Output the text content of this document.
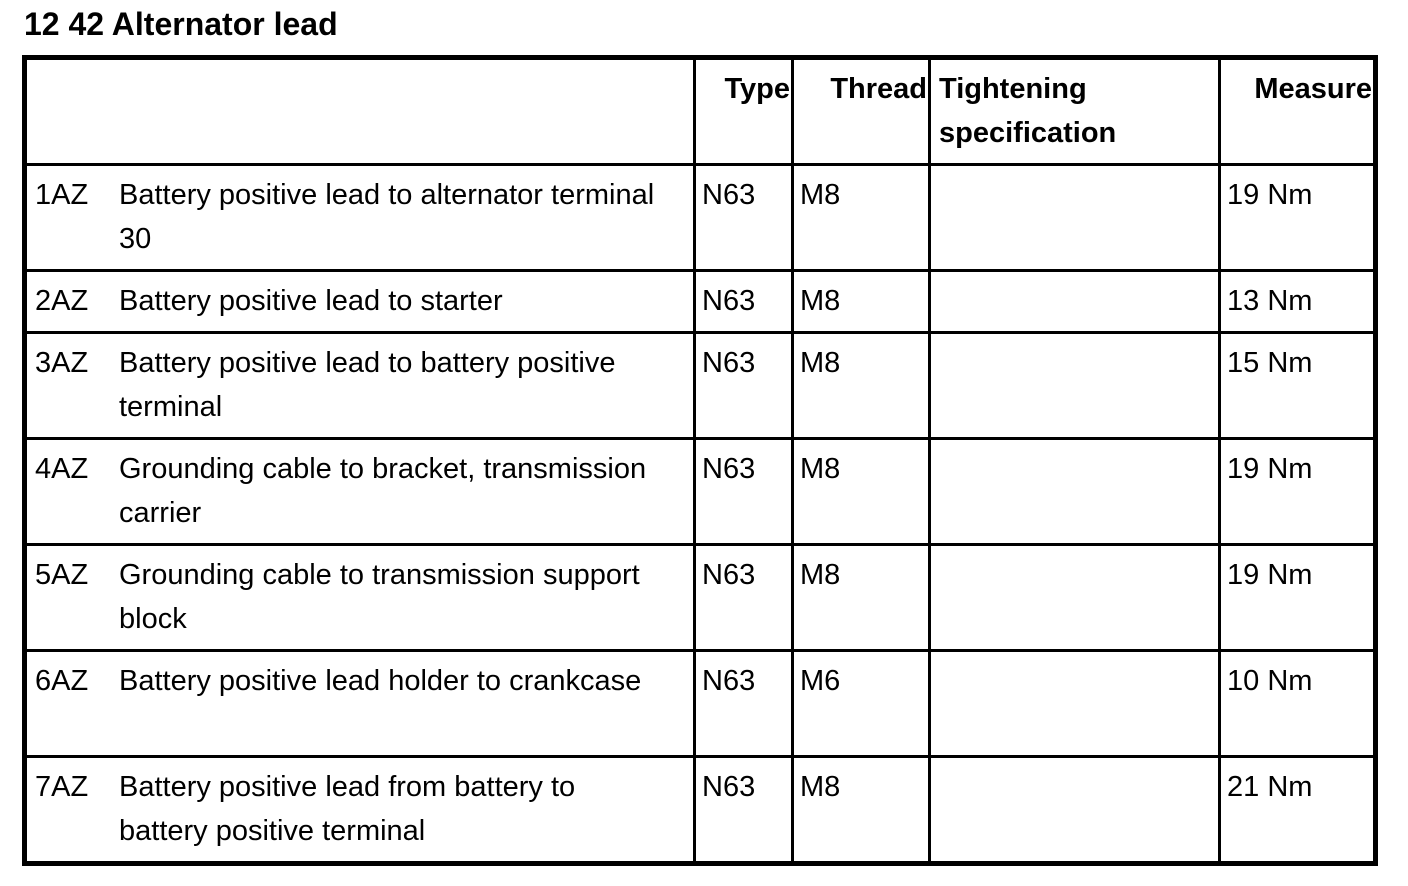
12 42 Alternator lead
	Type	Thread	Tightening specification	Measure
1AZ Battery positive lead to alternator terminal 30	N63	M8		19 Nm
2AZ Battery positive lead to starter	N63	M8		13 Nm
3AZ Battery positive lead to battery positive terminal	N63	M8		15 Nm
4AZ Grounding cable to bracket, transmission carrier	N63	M8		19 Nm
5AZ Grounding cable to transmission support block	N63	M8		19 Nm
6AZ Battery positive lead holder to crankcase	N63	M6		10 Nm
7AZ Battery positive lead from battery to battery positive terminal	N63	M8		21 Nm
